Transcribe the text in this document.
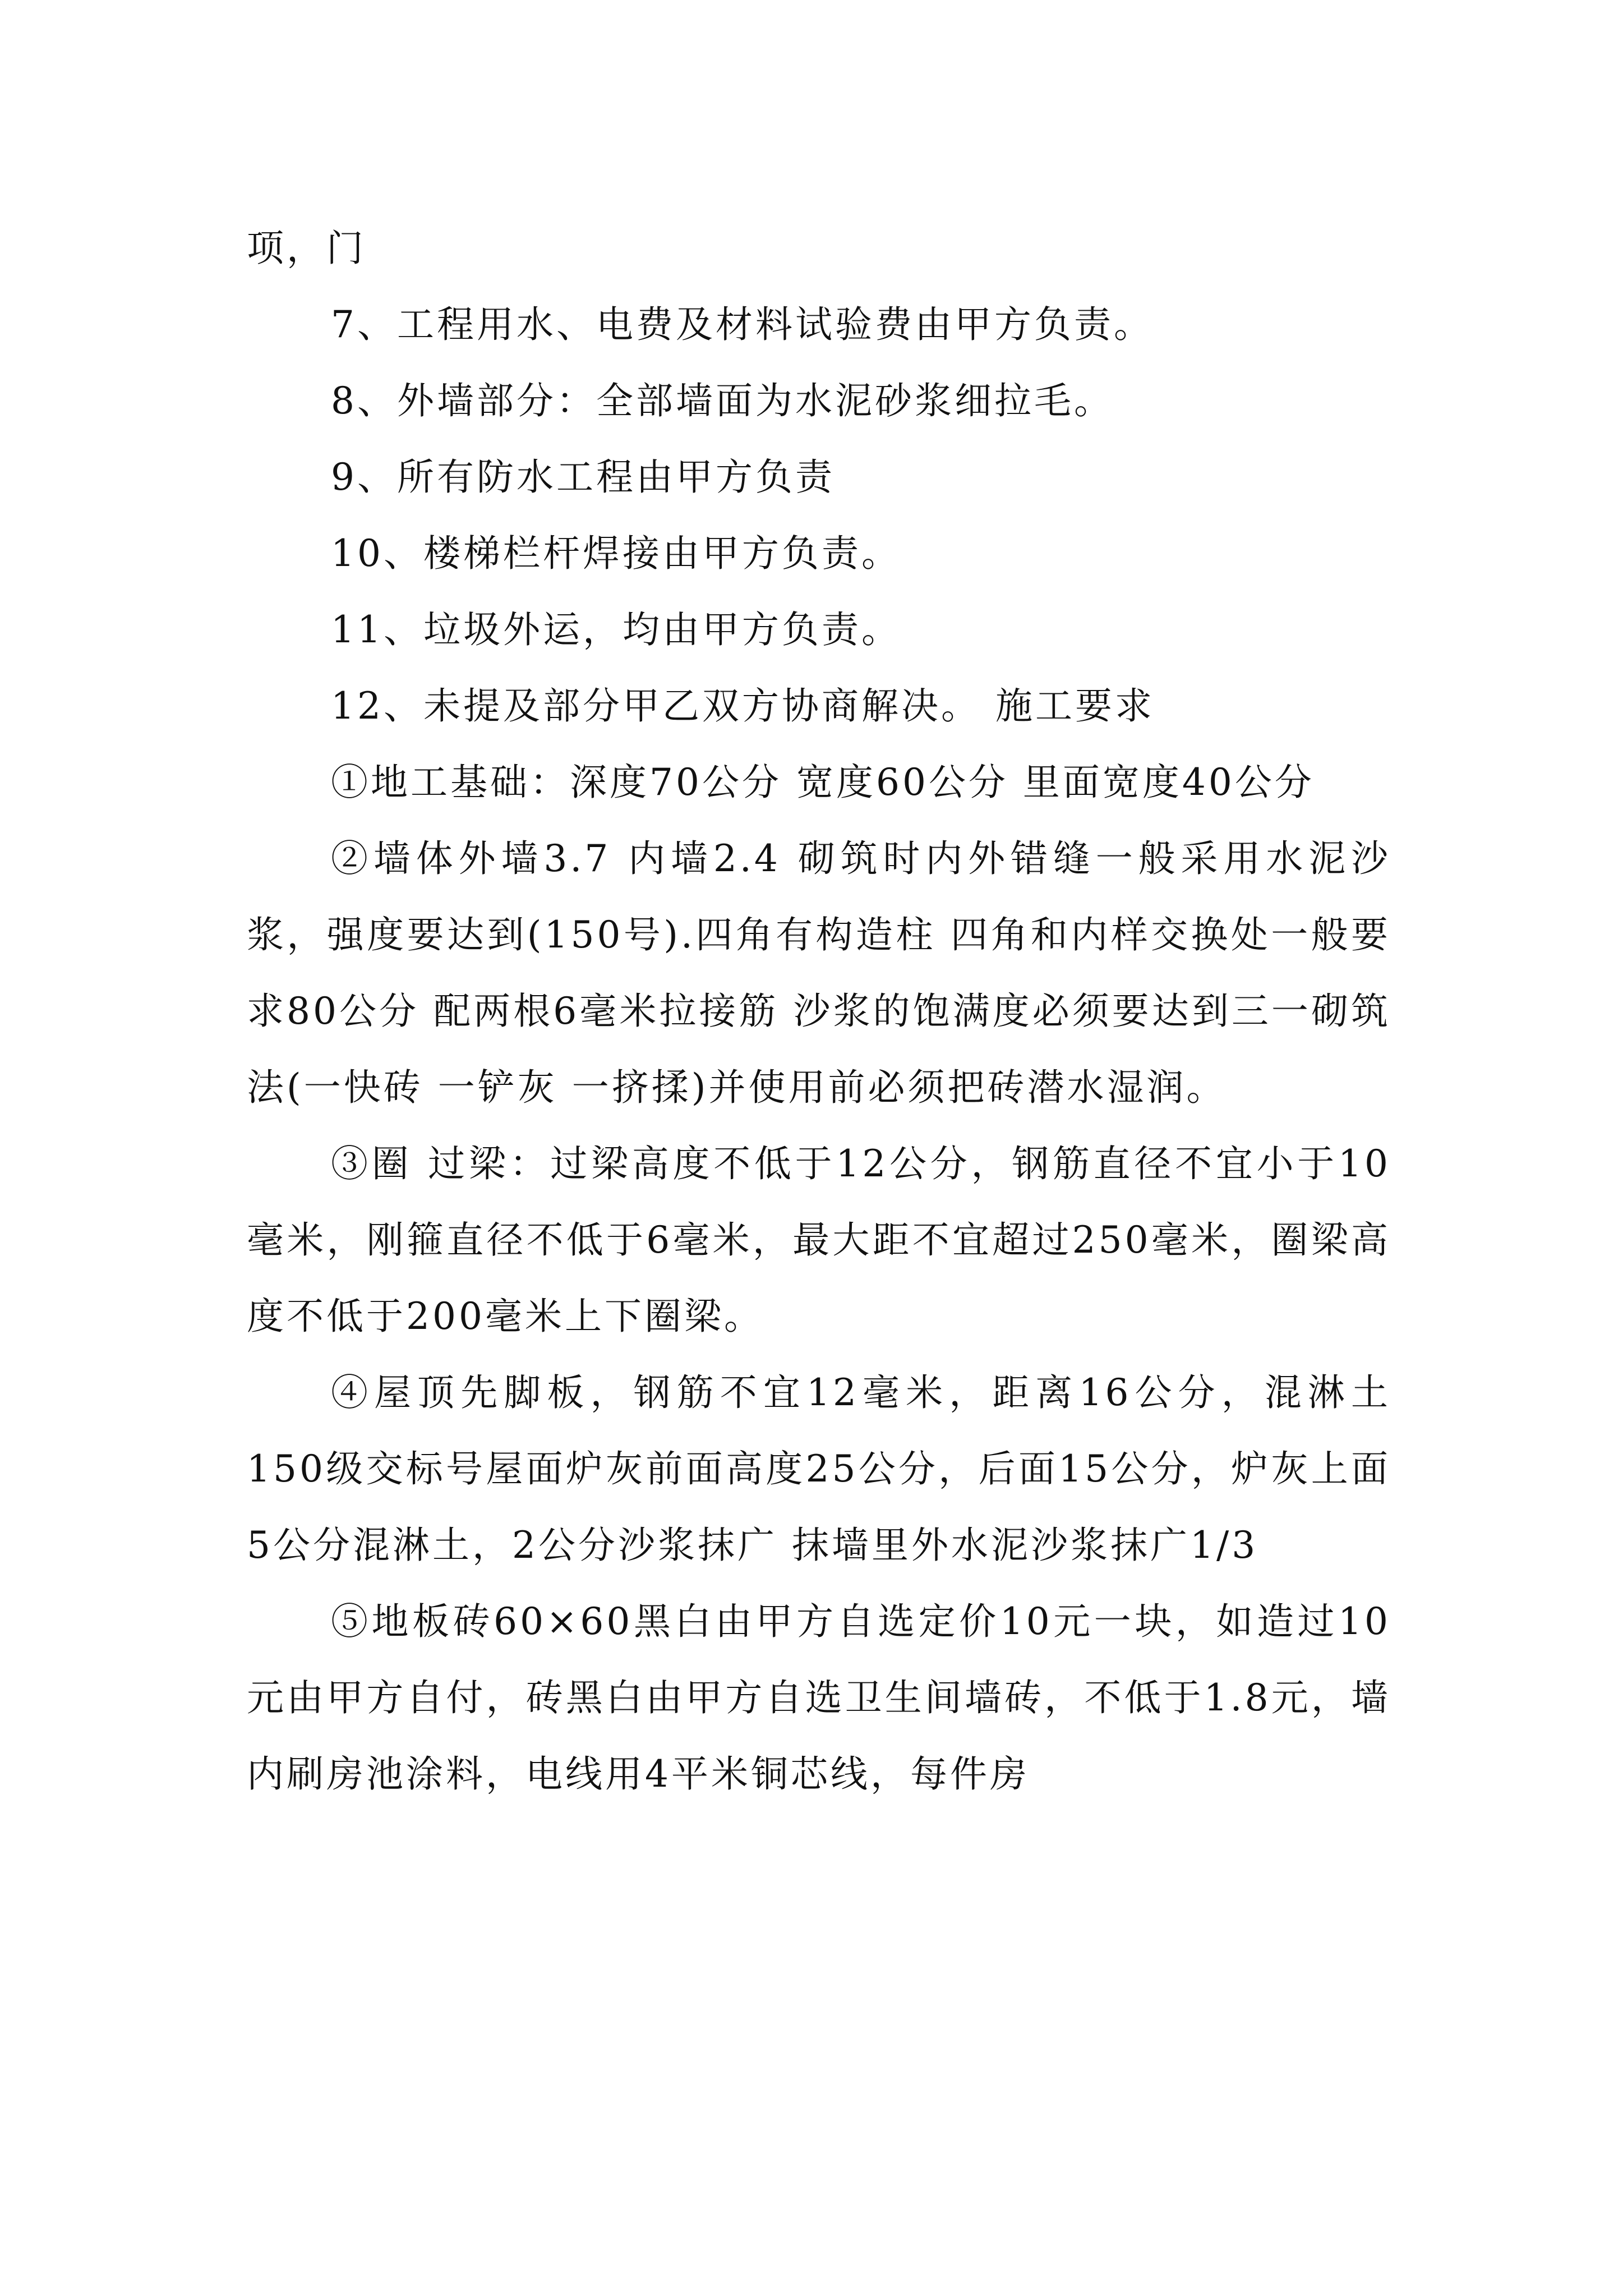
项，门

7、工程用水、电费及材料试验费由甲方负责。

8、外墙部分：全部墙面为水泥砂浆细拉毛。

9、所有防水工程由甲方负责

10、楼梯栏杆焊接由甲方负责。

11、垃圾外运，均由甲方负责。

12、未提及部分甲乙双方协商解决。 施工要求

①地工基础：深度70公分 宽度60公分 里面宽度40公分

②墙体外墙3.7 内墙2.4 砌筑时内外错缝一般采用水泥沙浆，强度要达到(150号).四角有构造柱 四角和内样交换处一般要求80公分 配两根6毫米拉接筋 沙浆的饱满度必须要达到三一砌筑法(一快砖 一铲灰 一挤揉)并使用前必须把砖潜水湿润。

③圈 过梁：过梁高度不低于12公分，钢筋直径不宜小于10毫米，刚箍直径不低于6毫米，最大距不宜超过250毫米，圈梁高度不低于200毫米上下圈梁。

④屋顶先脚板，钢筋不宜12毫米，距离16公分，混淋土150级交标号屋面炉灰前面高度25公分，后面15公分，炉灰上面5公分混淋土，2公分沙浆抹广 抹墙里外水泥沙浆抹广1/3

⑤地板砖60×60黑白由甲方自选定价10元一块，如造过10元由甲方自付，砖黑白由甲方自选卫生间墙砖，不低于1.8元，墙内刷房池涂料，电线用4平米铜芯线，每件房
